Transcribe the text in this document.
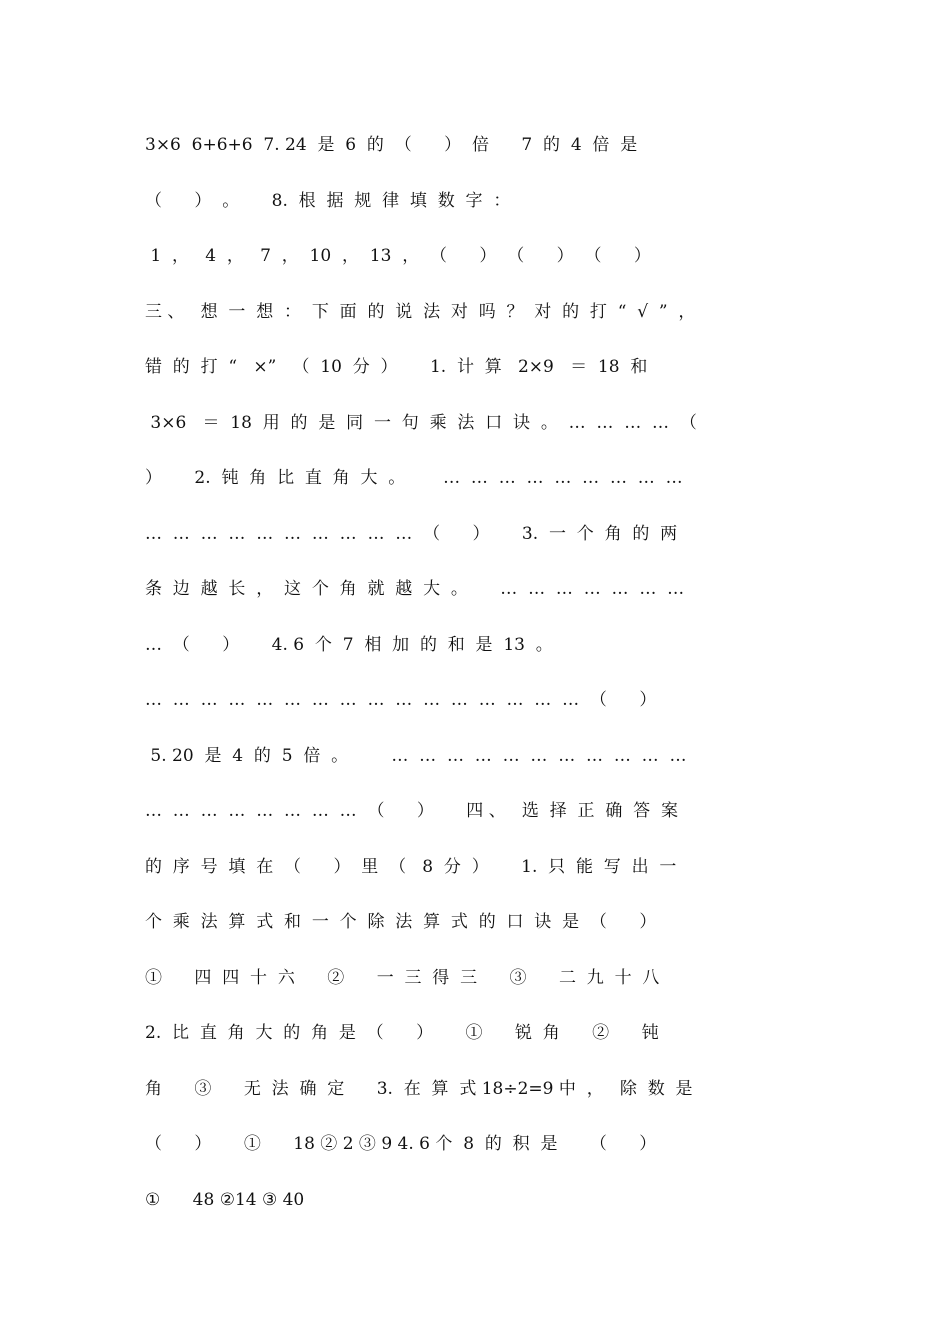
3×6  6+6+6  7. 24  是  6  的  （      ）  倍      7  的  4  倍  是
（      ）  。      8.  根  据  规  律  填  数  字  ：
1  ，   4  ，   7  ，  10  ，  13  ，  （      ）  （      ）  （      ）
三 、   想  一  想  ：  下  面  的  说  法  对  吗  ？  对  的  打  “  √  ”  ，
错  的  打  “   ×”   （  10  分  ）      1.  计  算   2×9   ＝  18  和
3×6   ＝  18  用  的  是  同  一  句  乘  法  口  诀  。  …  …  …  …  （
）      2.  钝  角  比  直  角  大  。       …  …  …  …  …  …  …  …  …
…  …  …  …  …  …  …  …  …  …  （      ）      3.  一  个  角  的  两
条  边  越  长  ，  这  个  角  就  越  大  。      …  …  …  …  …  …  …
…  （      ）      4. 6  个  7  相  加  的  和  是  13  。
…  …  …  …  …  …  …  …  …  …  …  …  …  …  …  …  （      ）
5. 20  是  4  的  5  倍  。        …  …  …  …  …  …  …  …  …  …  …
…  …  …  …  …  …  …  …  （      ）      四 、   选  择  正  确  答  案
的  序  号  填  在  （      ）  里  （   8  分  ）      1.  只  能  写  出  一
个  乘  法  算  式  和  一  个  除  法  算  式  的  口  诀  是  （      ）
①      四  四  十  六      ②      一  三  得  三      ③      二  九  十  八
2.  比  直  角  大  的  角  是  （      ）      ①      锐  角      ②      钝
角      ③      无  法  确  定      3.  在  算  式 18÷2=9 中  ，   除  数  是
（      ）      ①      18 ② 2 ③ 9 4. 6 个  8  的  积  是      （      ）
①      48 ②14 ③ 40
